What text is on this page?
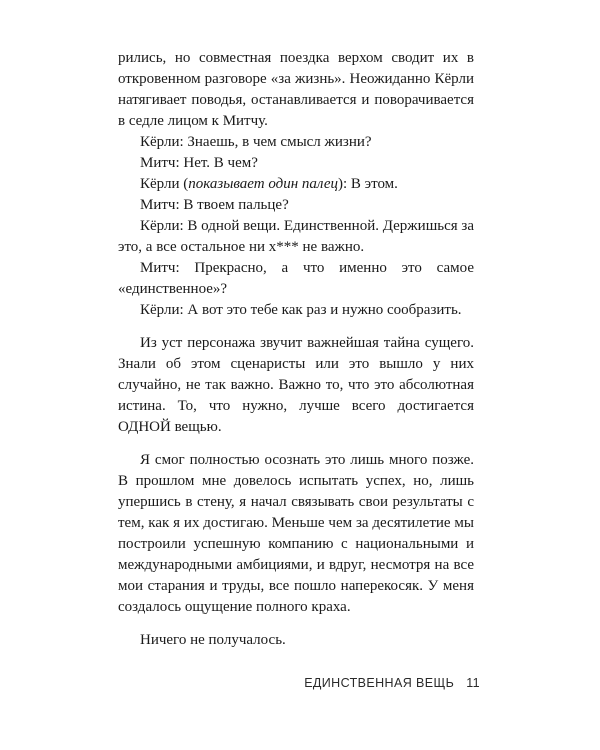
рились, но совместная поездка верхом сводит их в откровенном разговоре «за жизнь». Неожиданно Кёрли натягивает поводья, останавливается и поворачивается в седле лицом к Митчу.

Кёрли: Знаешь, в чем смысл жизни?

Митч: Нет. В чем?

Кёрли (показывает один палец): В этом.

Митч: В твоем пальце?

Кёрли: В одной вещи. Единственной. Держишься за это, а все остальное ни х*** не важно.

Митч: Прекрасно, а что именно это самое «единственное»?

Кёрли: А вот это тебе как раз и нужно сообразить.

Из уст персонажа звучит важнейшая тайна сущего. Знали об этом сценаристы или это вышло у них случайно, не так важно. Важно то, что это абсолютная истина. То, что нужно, лучше всего достигается ОДНОЙ вещью.

Я смог полностью осознать это лишь много позже. В прошлом мне довелось испытать успех, но, лишь упершись в стену, я начал связывать свои результаты с тем, как я их достигаю. Меньше чем за десятилетие мы построили успешную компанию с национальными и международными амбициями, и вдруг, несмотря на все мои старания и труды, все пошло наперекосяк. У меня создалось ощущение полного краха.

Ничего не получалось.

ЕДИНСТВЕННАЯ ВЕЩЬ 11
